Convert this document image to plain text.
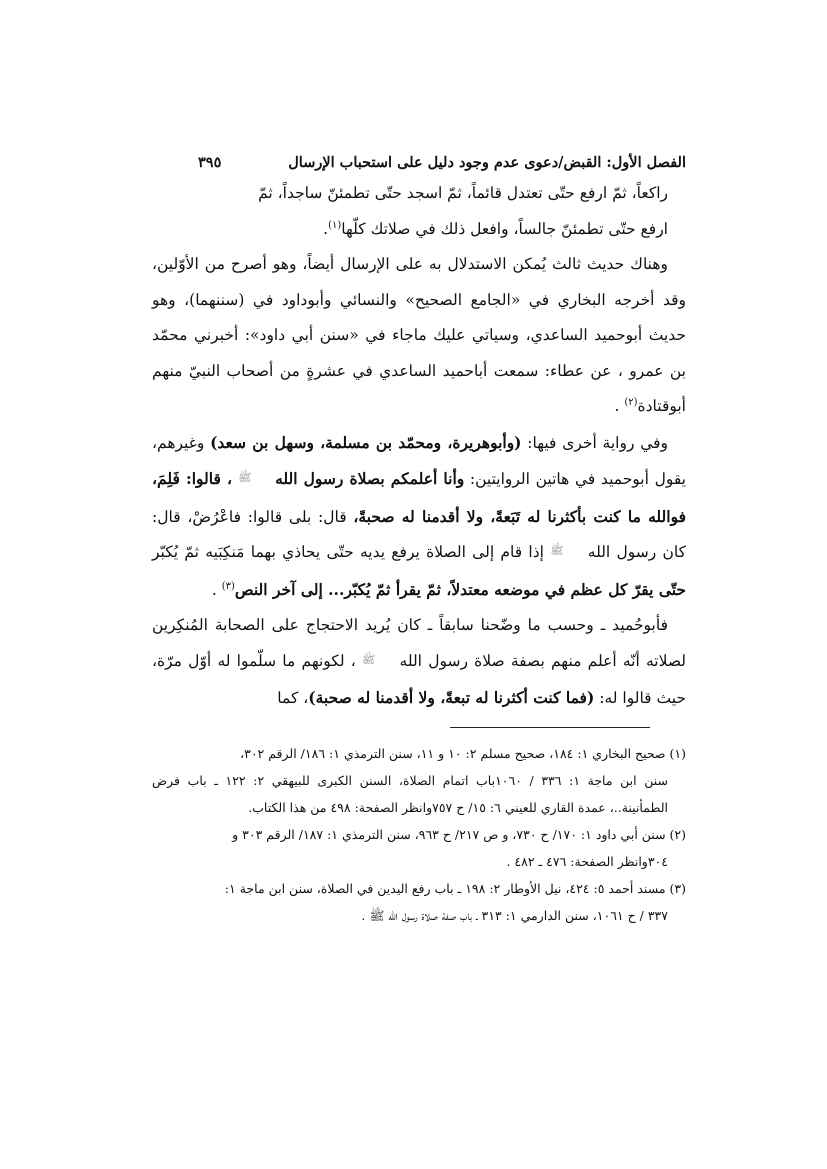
الفصل الأول: القبض/دعوى عدم وجود دليل على استحباب الإرسال
٣٩٥

راكعاً، ثمّ ارفع حتّى تعتدل قائماً، ثمّ اسجد حتّى تطمئنّ ساجداً، ثمّ

ارفع حتّى تطمئنّ جالساً، وافعل ذلك في صلاتك كلّها$^{(١)}$.

وهناك حديث ثالث يُمكن الاستدلال به على الإرسال أيضاً، وهو أصرح من الأوّلين، وقد أخرجه البخاري في «الجامع الصحيح» والنسائي وأبوداود في (سننهما)، وهو حديث أبوحميد الساعدي، وسياتي عليك ماجاء في «سنن أبي داود»: أخبرني محمّد بن عمرو ، عن عطاء: سمعت أباحميد الساعدي في عشرةٍ من أصحاب النبيّ منهم أبوقتادة$^{(٢)}$ .

وفي رواية أخرى فيها: (وأبوهريرة، ومحمّد بن مسلمة، وسهل بن سعد) وغيرهم، يقول أبوحميد في هاتين الروايتين: وأنا أعلمكم بصلاة رسول الله ﷺ ، قالوا: فَلِمَ، فوالله ما كنت بأكثرنا له تَبَعةً، ولا أقدمنا له صحبةً، قال: بلى قالوا: فاعْرُضْ، قال: كان رسول الله ﷺ إذا قام إلى الصلاة يرفع يديه حتّى يحاذي بهما مَنكِبَيه ثمّ يُكبّر حتّى يقرّ كل عظم في موضعه معتدلاً، ثمّ يقرأ ثمّ يُكبّر... إلى آخر النص$^{(٣)}$ .

فأبوحُميد ـ وحسب ما وضّحنا سابقاً ـ كان يُريد الاحتجاج على الصحابة المُنكِرين لصلاته أنّه أعلم منهم بصفة صلاة رسول الله ﷺ ، لكونهم ما سلّموا له أوّل مرّة، حيث قالوا له: (فما كنت أكثرنا له تبعةً، ولا أقدمنا له صحبة)، كما

(١) صحيح البخاري ١: ١٨٤، صحيح مسلم ٢: ١٠ و ١١، سنن الترمذي ١: ١٨٦/ الرقم ٣٠٢،

سنن ابن ماجة ١: ٣٣٦ / ١٠٦٠باب اتمام الصلاة، السنن الكبرى للبيهقي ٢: ١٢٢ ـ باب فرض الطمأنينة..، عمدة القاري للعيني ٦: ١٥/ ح ٧٥٧وانظر الصفحة: ٤٩٨ من هذا الكتاب.

(٢) سنن أبي داود ١: ١٧٠/ ح ٧٣٠، و ص ٢١٧/ ح ٩٦٣، سنن الترمذي ١: ١٨٧/ الرقم ٣٠٣ و

٣٠٤وانظر الصفحة: ٤٧٦ ـ ٤٨٢ .

(٣) مسند أحمد ٥: ٤٢٤، نيل الأوطار ٢: ١٩٨ ـ باب رفع اليدين في الصلاة، سنن ابن ماجة ١:

٣٣٧ / ح ١٠٦١، سنن الدارمي ١: ٣١٣ ـ باب صفة صلاة رسول الله ﷺ .
